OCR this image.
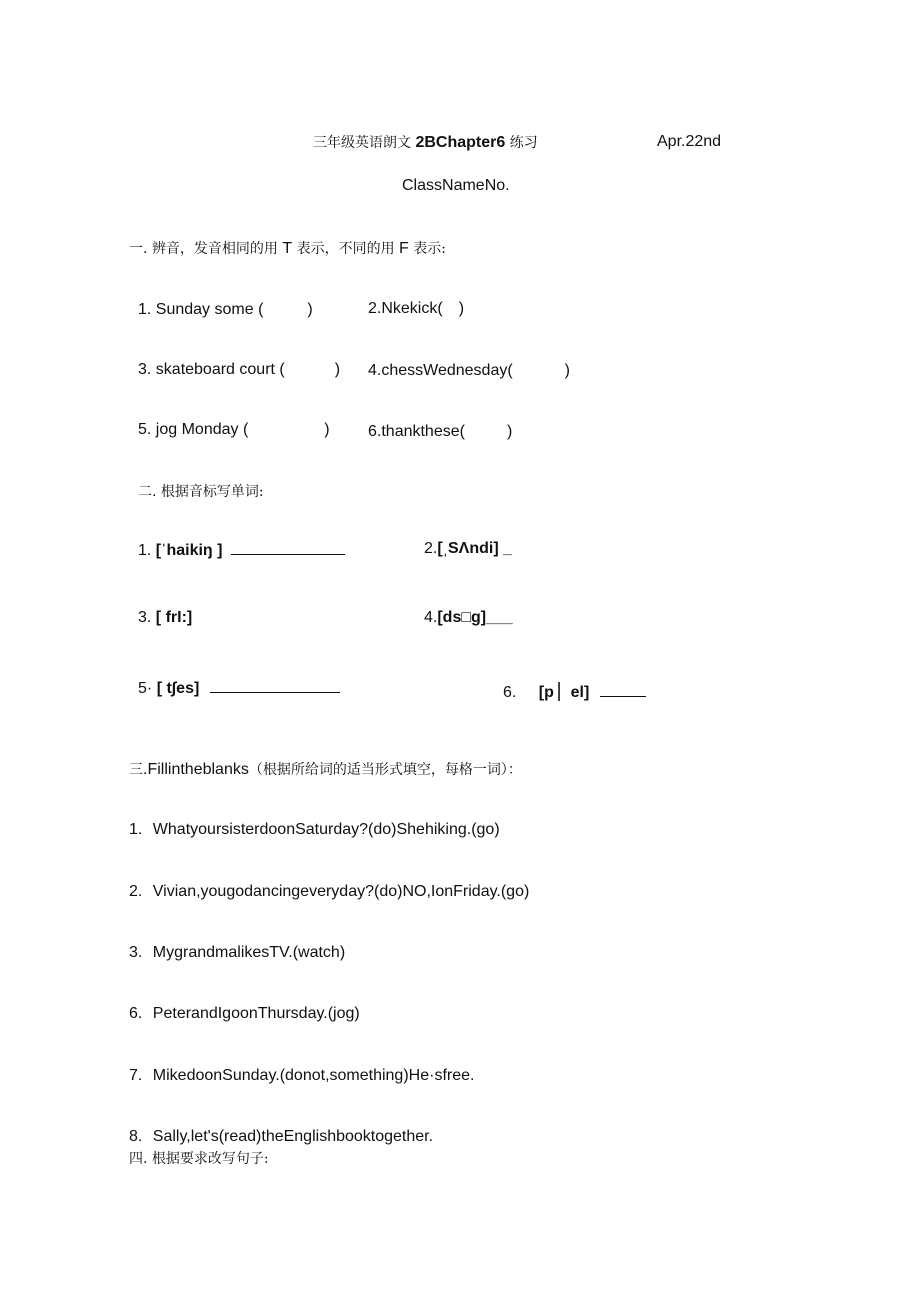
三年级英语朗文 2BChapter6 练习	Apr.22nd
ClassNameNo.
一. 辨音，发音相同的用 T 表示，不同的用 F 表示:
1. Sunday some (	)	2.Nkekick( )
3. skateboard court (	) 4.chessWednesday(	)
5. jog Monday (	) 6.thankthese(	)
二. 根据音标写单词:
1. [ˈhaikiŋ ]	2.[ˌSΛndi] _
3. [ frI:]	4.[ds□g]___
5· [ t∫es]	6. [p ▏el]
三.Fillintheblanks（根据所给词的适当形式填空，每格一词）：
1. WhatyoursisterdoonSaturday?(do)Shehiking.(go)
2. Vivian,yougodancingeveryday?(do)NO,IonFriday.(go)
3. MygrandmalikesTV.(watch)
6. PeterandIgoonThursday.(jog)
7. MikedoonSunday.(donot,something)He·sfree.
8. Sally,let's(read)theEnglishbooktogether.
四. 根据要求改写句子:
